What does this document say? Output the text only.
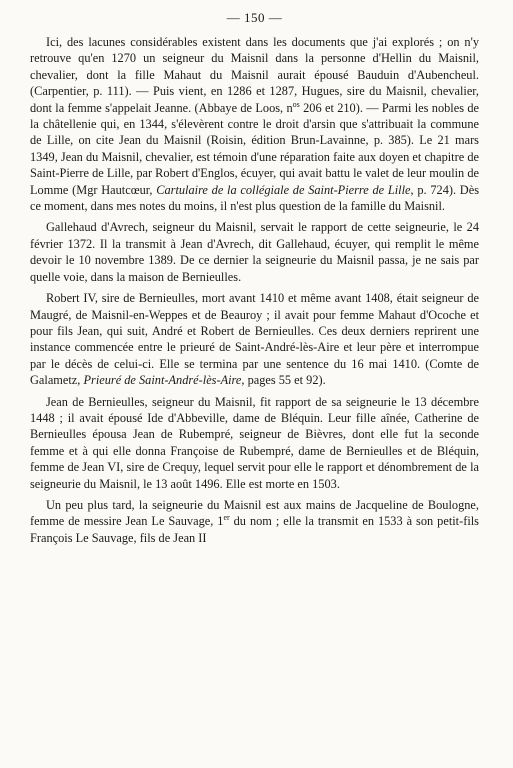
— 150 —

Ici, des lacunes considérables existent dans les documents que j'ai explorés ; on n'y retrouve qu'en 1270 un seigneur du Maisnil dans la personne d'Hellin du Maisnil, chevalier, dont la fille Mahaut du Maisnil aurait épousé Bauduin d'Aubencheul. (Carpentier, p. 111). — Puis vient, en 1286 et 1287, Hugues, sire du Maisnil, chevalier, dont la femme s'appelait Jeanne. (Abbaye de Loos, $n^{os}$ 206 et 210). — Parmi les nobles de la châtellenie qui, en 1344, s'élevèrent contre le droit d'arsin que s'attribuait la commune de Lille, on cite Jean du Maisnil (Roisin, édition Brun-Lavainne, p. 385). Le 21 mars 1349, Jean du Maisnil, chevalier, est témoin d'une réparation faite aux doyen et chapitre de Saint-Pierre de Lille, par Robert d'Englos, écuyer, qui avait battu le valet de leur moulin de Lomme (Mgr Hautcœur, Cartulaire de la collégiale de Saint-Pierre de Lille, p. 724). Dès ce moment, dans mes notes du moins, il n'est plus question de la famille du Maisnil.

Gallehaud d'Avrech, seigneur du Maisnil, servait le rapport de cette seigneurie, le 24 février 1372. Il la transmit à Jean d'Avrech, dit Gallehaud, écuyer, qui remplit le même devoir le 10 novembre 1389. De ce dernier la seigneurie du Maisnil passa, je ne sais par quelle voie, dans la maison de Bernieulles.

Robert IV, sire de Bernieulles, mort avant 1410 et même avant 1408, était seigneur de Maugré, de Maisnil-en-Weppes et de Beauroy ; il avait pour femme Mahaut d'Ocoche et pour fils Jean, qui suit, André et Robert de Bernieulles. Ces deux derniers reprirent une instance commencée entre le prieuré de Saint-André-lès-Aire et leur père et interrompue par le décès de celui-ci. Elle se termina par une sentence du 16 mai 1410. (Comte de Galametz, Prieuré de Saint-André-lès-Aire, pages 55 et 92).

Jean de Bernieulles, seigneur du Maisnil, fit rapport de sa seigneurie le 13 décembre 1448 ; il avait épousé Ide d'Abbeville, dame de Bléquin. Leur fille aînée, Catherine de Bernieulles épousa Jean de Rubempré, seigneur de Bièvres, dont elle fut la seconde femme et à qui elle donna Françoise de Rubempré, dame de Bernieulles et de Bléquin, femme de Jean VI, sire de Crequy, lequel servit pour elle le rapport et dénombrement de la seigneurie du Maisnil, le 13 août 1496. Elle est morte en 1503.

Un peu plus tard, la seigneurie du Maisnil est aux mains de Jacqueline de Boulogne, femme de messire Jean Le Sauvage, 1er du nom ; elle la transmit en 1533 à son petit-fils François Le Sauvage, fils de Jean II
